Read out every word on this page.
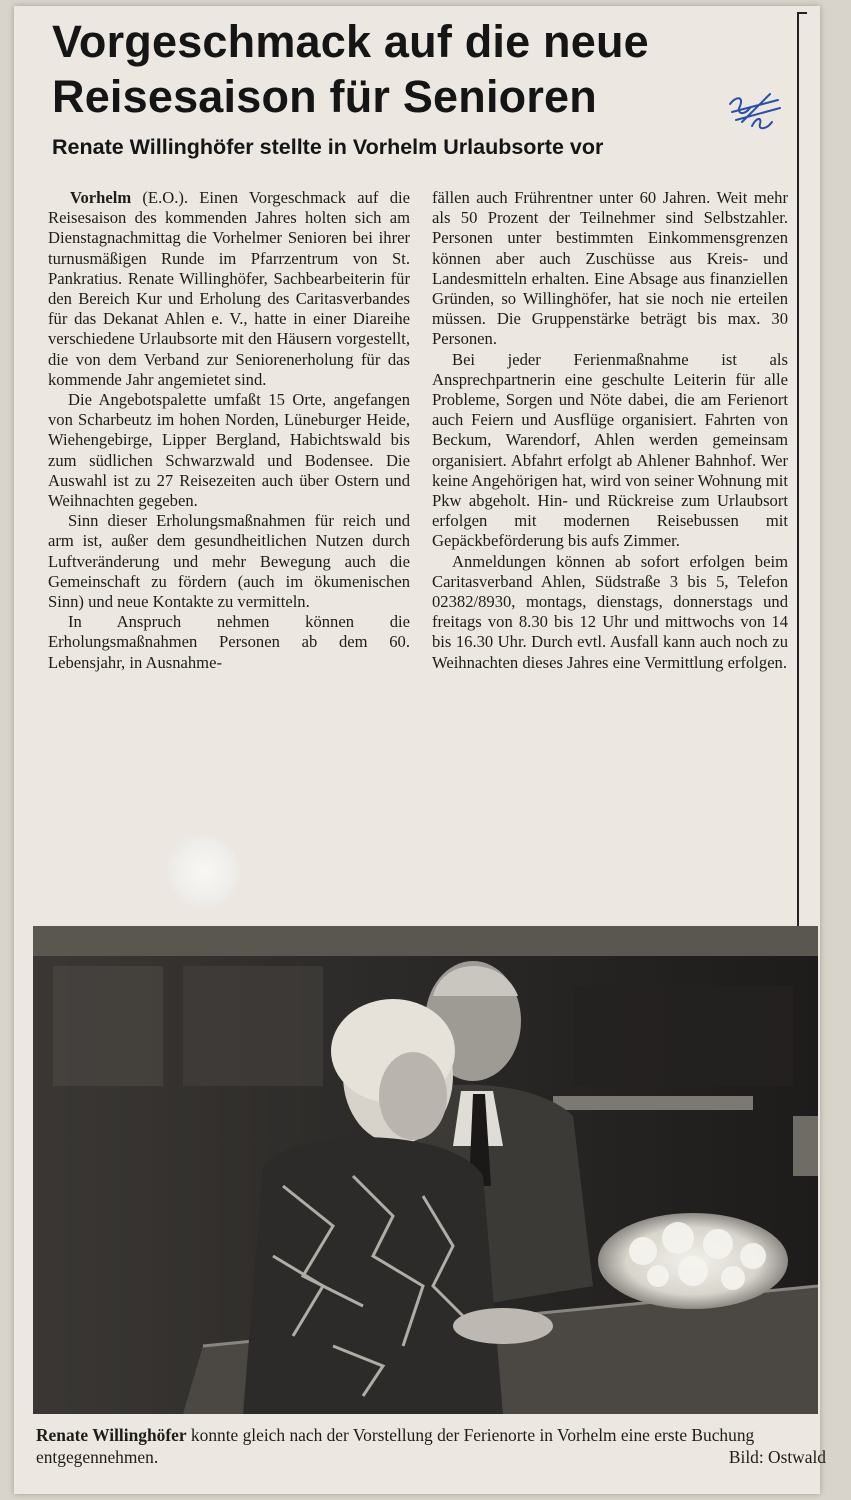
Vorgeschmack auf die neue Reisesaison für Senioren
Renate Willinghöfer stellte in Vorhelm Urlaubsorte vor

Vorhelm (E.O.). Einen Vorgeschmack auf die Reisesaison des kommenden Jahres holten sich am Dienstagnachmittag die Vorhelmer Senioren bei ihrer turnusmäßigen Runde im Pfarrzentrum von St. Pankratius. Renate Willinghöfer, Sachbearbeiterin für den Bereich Kur und Erholung des Caritasverbandes für das Dekanat Ahlen e. V., hatte in einer Diareihe verschiedene Urlaubsorte mit den Häusern vorgestellt, die von dem Verband zur Seniorenerholung für das kommende Jahr angemietet sind.

Die Angebotspalette umfaßt 15 Orte, angefangen von Scharbeutz im hohen Norden, Lüneburger Heide, Wiehengebirge, Lipper Bergland, Habichtswald bis zum südlichen Schwarzwald und Bodensee. Die Auswahl ist zu 27 Reisezeiten auch über Ostern und Weihnachten gegeben.

Sinn dieser Erholungsmaßnahmen für reich und arm ist, außer dem gesundheitlichen Nutzen durch Luftveränderung und mehr Bewegung auch die Gemeinschaft zu fördern (auch im ökumenischen Sinn) und neue Kontakte zu vermitteln.

In Anspruch nehmen können die Erholungsmaßnahmen Personen ab dem 60. Lebensjahr, in Ausnahme-

fällen auch Frührentner unter 60 Jahren. Weit mehr als 50 Prozent der Teilnehmer sind Selbstzahler. Personen unter bestimmten Einkommensgrenzen können aber auch Zuschüsse aus Kreis- und Landesmitteln erhalten. Eine Absage aus finanziellen Gründen, so Willinghöfer, hat sie noch nie erteilen müssen. Die Gruppenstärke beträgt bis max. 30 Personen.

Bei jeder Ferienmaßnahme ist als Ansprechpartnerin eine geschulte Leiterin für alle Probleme, Sorgen und Nöte dabei, die am Ferienort auch Feiern und Ausflüge organisiert. Fahrten von Beckum, Warendorf, Ahlen werden gemeinsam organisiert. Abfahrt erfolgt ab Ahlener Bahnhof. Wer keine Angehörigen hat, wird von seiner Wohnung mit Pkw abgeholt. Hin- und Rückreise zum Urlaubsort erfolgen mit modernen Reisebussen mit Gepäckbeförderung bis aufs Zimmer.

Anmeldungen können ab sofort erfolgen beim Caritasverband Ahlen, Südstraße 3 bis 5, Telefon 02382/8930, montags, dienstags, donnerstags und freitags von 8.30 bis 12 Uhr und mittwochs von 14 bis 16.30 Uhr. Durch evtl. Ausfall kann auch noch zu Weihnachten dieses Jahres eine Vermittlung erfolgen.

Renate Willinghöfer konnte gleich nach der Vorstellung der Ferienorte in Vorhelm eine erste Buchung entgegennehmen.	Bild: Ostwald
